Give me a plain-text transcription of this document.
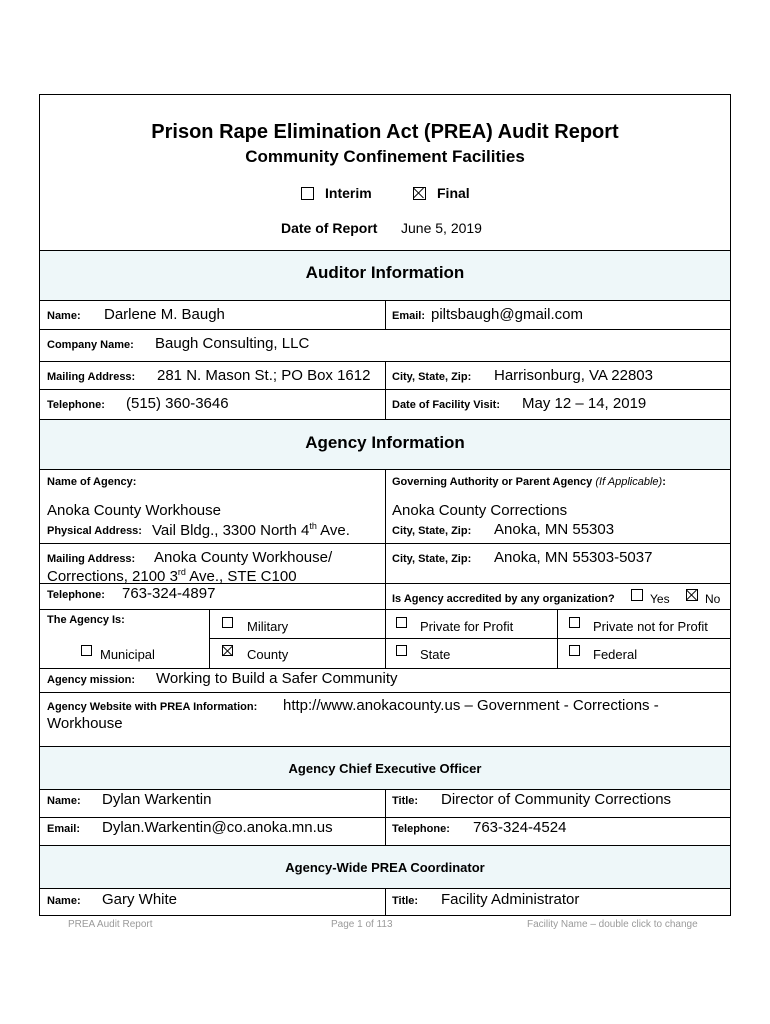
Prison Rape Elimination Act (PREA) Audit Report
Community Confinement Facilities
Interim	Final
Date of Report June 5, 2019
Auditor Information
Name: Darlene M. Baugh	Email: piltsbaugh@gmail.com
Company Name: Baugh Consulting, LLC
Mailing Address: 281 N. Mason St.; PO Box 1612 City, State, Zip: Harrisonburg, VA 22803
Telephone: (515) 360-3646	Date of Facility Visit: May 12 – 14, 2019
Agency Information
Name of Agency:
Anoka County Workhouse
Governing Authority or Parent Agency (If Applicable):
Anoka County Corrections
Physical Address: Vail Bldg., 3300 North 4th Ave.	City, State, Zip: Anoka, MN 55303
Mailing Address: Anoka County Workhouse/
Corrections, 2100 3rd Ave., STE C100
City, State, Zip: Anoka, MN 55303-5037
Telephone: 763-324-4897	Is Agency accredited by any organization?	Yes	No
The Agency Is:	Military	Private for Profit	Private not for Profit
Municipal	County	State	Federal
Agency mission: Working to Build a Safer Community
Agency Website with PREA Information: http://www.anokacounty.us – Government - Corrections -
Workhouse
Agency Chief Executive Officer
Name: Dylan Warkentin	Title: Director of Community Corrections
Email: Dylan.Warkentin@co.anoka.mn.us	Telephone: 763-324-4524
Agency-Wide PREA Coordinator
Name: Gary White	Title: Facility Administrator
PREA Audit Report	Page 1 of 113	Facility Name – double click to change
